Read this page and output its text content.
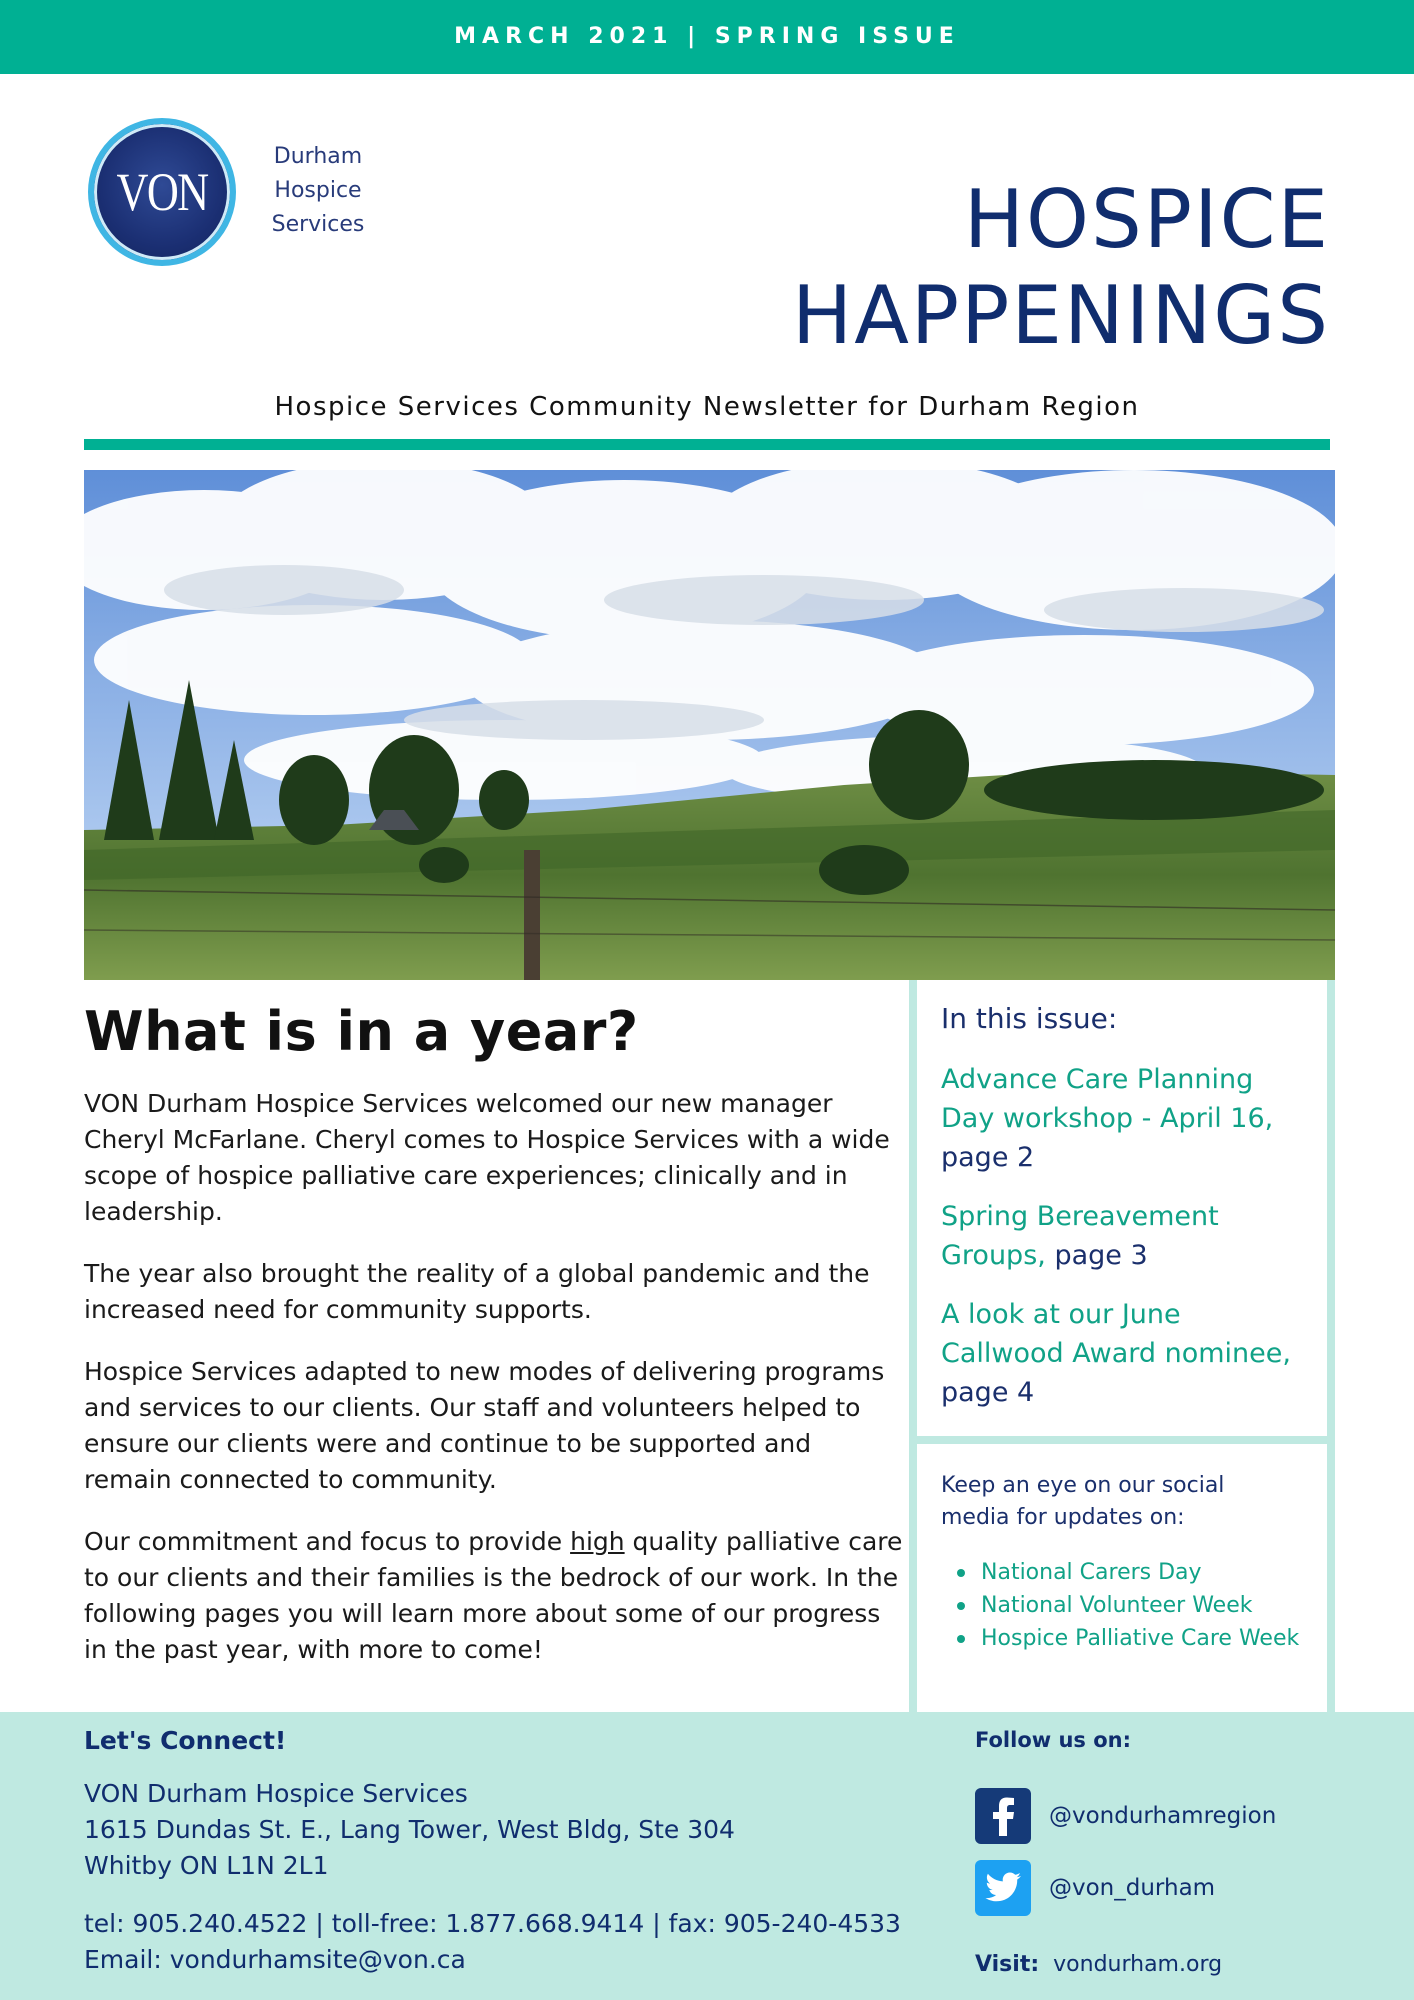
MARCH 2021 | SPRING ISSUE
VON
Durham
Hospice
Services	HOSPICE
HAPPENINGS
Hospice Services Community Newsletter for Durham Region
What is in a year?

VON Durham Hospice Services welcomed our new manager Cheryl McFarlane. Cheryl comes to Hospice Services with a wide scope of hospice palliative care experiences; clinically and in leadership.

The year also brought the reality of a global pandemic and the increased need for community supports.

Hospice Services adapted to new modes of delivering programs and services to our clients. Our staff and volunteers helped to ensure our clients were and continue to be supported and remain connected to community.

Our commitment and focus to provide high quality palliative care to our clients and their families is the bedrock of our work. In the following pages you will learn more about some of our progress in the past year, with more to come!

In this issue:
Advance Care Planning Day workshop - April 16, page 2
Spring Bereavement Groups, page 3
A look at our June Callwood Award nominee, page 4
Keep an eye on our social media for updates on:
National Carers Day
National Volunteer Week
Hospice Palliative Care Week
Let's Connect!
VON Durham Hospice Services
1615 Dundas St. E., Lang Tower, West Bldg, Ste 304
Whitby ON L1N 2L1
tel: 905.240.4522 | toll-free: 1.877.668.9414 | fax: 905-240-4533
Email: vondurhamsite@von.ca
Follow us on:
@vondurhamregion
@von_durham
Visit: vondurham.org
